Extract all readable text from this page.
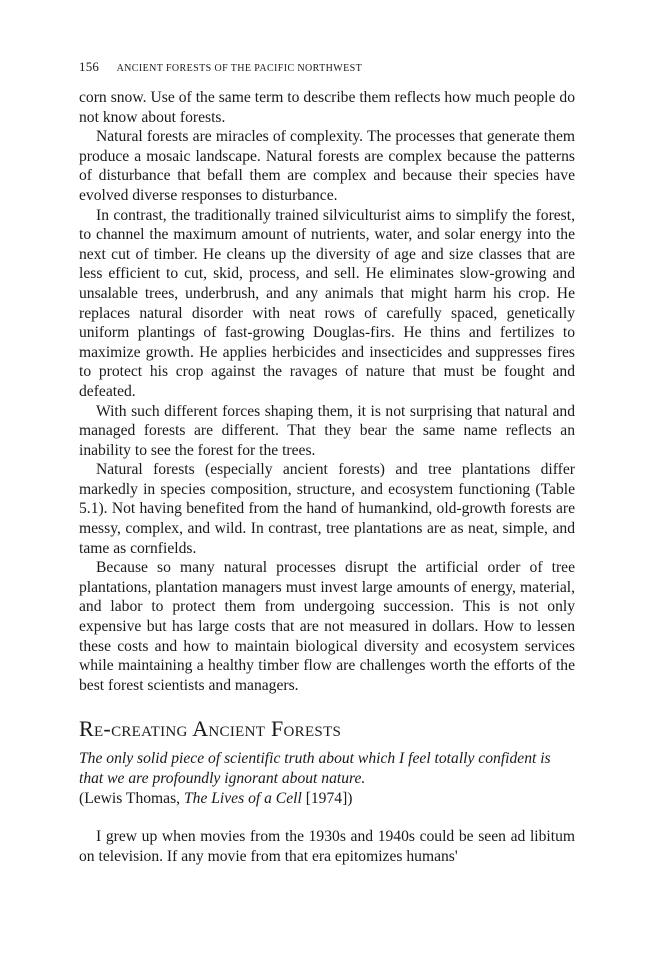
156 ANCIENT FORESTS OF THE PACIFIC NORTHWEST

corn snow. Use of the same term to describe them reflects how much people do not know about forests.

Natural forests are miracles of complexity. The processes that generate them produce a mosaic landscape. Natural forests are complex because the patterns of disturbance that befall them are complex and because their species have evolved diverse responses to disturbance.

In contrast, the traditionally trained silviculturist aims to simplify the forest, to channel the maximum amount of nutrients, water, and solar energy into the next cut of timber. He cleans up the diversity of age and size classes that are less efficient to cut, skid, process, and sell. He eliminates slow-growing and unsalable trees, underbrush, and any animals that might harm his crop. He replaces natural disorder with neat rows of carefully spaced, genetically uniform plantings of fast-growing Douglas-firs. He thins and fertilizes to maximize growth. He applies herbicides and insecticides and suppresses fires to protect his crop against the ravages of nature that must be fought and defeated.

With such different forces shaping them, it is not surprising that natural and managed forests are different. That they bear the same name reflects an inability to see the forest for the trees.

Natural forests (especially ancient forests) and tree plantations differ markedly in species composition, structure, and ecosystem functioning (Table 5.1). Not having benefited from the hand of humankind, old-growth forests are messy, complex, and wild. In contrast, tree plantations are as neat, simple, and tame as cornfields.

Because so many natural processes disrupt the artificial order of tree plantations, plantation managers must invest large amounts of energy, material, and labor to protect them from undergoing succession. This is not only expensive but has large costs that are not measured in dollars. How to lessen these costs and how to maintain biological diversity and ecosystem services while maintaining a healthy timber flow are challenges worth the efforts of the best forest scientists and managers.

Re-creating Ancient Forests

The only solid piece of scientific truth about which I feel totally confident is that we are profoundly ignorant about nature.

(Lewis Thomas, The Lives of a Cell [1974])

I grew up when movies from the 1930s and 1940s could be seen ad libitum on television. If any movie from that era epitomizes humans'
